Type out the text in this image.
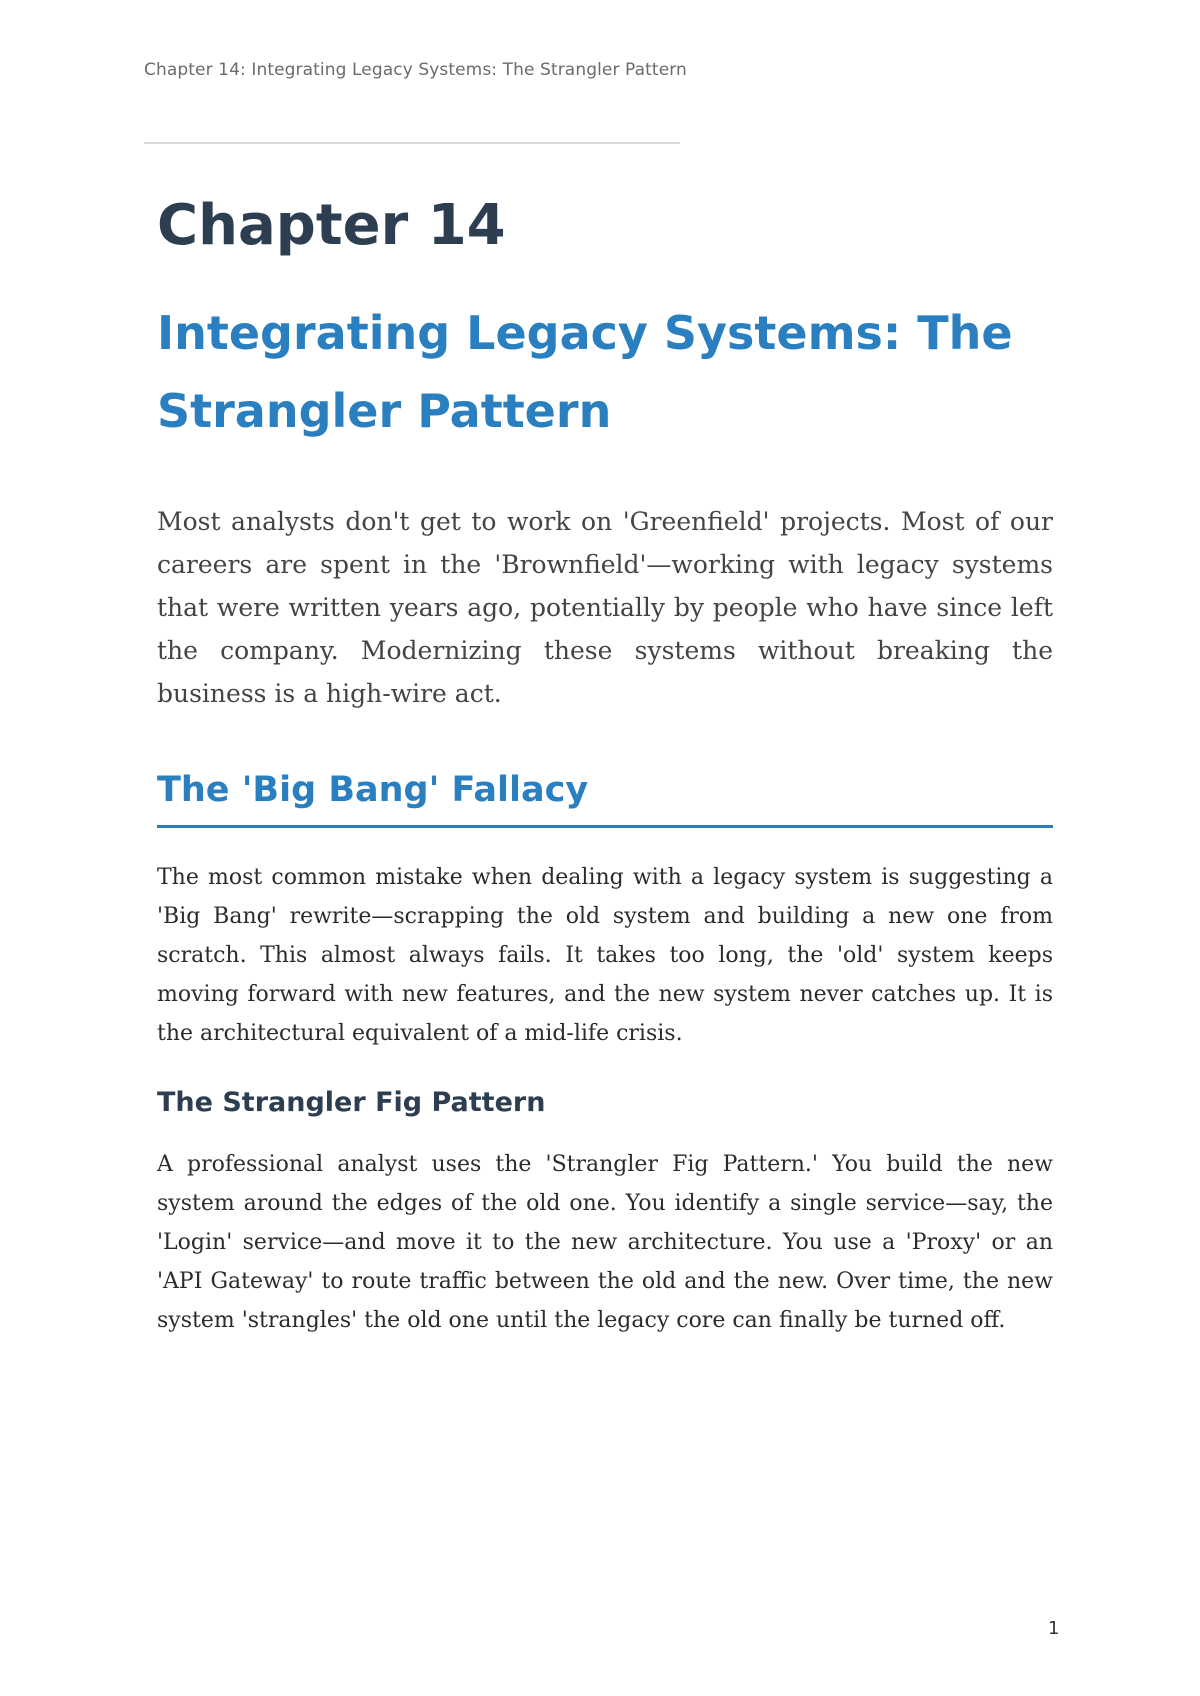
Chapter 14: Integrating Legacy Systems: The Strangler Pattern
Chapter 14
Integrating Legacy Systems: The Strangler Pattern

Most analysts don't get to work on 'Greenfield' projects. Most of our careers are spent in the 'Brownfield'—working with legacy systems that were written years ago, potentially by people who have since left the company. Modernizing these systems without breaking the business is a high-wire act.

The 'Big Bang' Fallacy

The most common mistake when dealing with a legacy system is suggesting a 'Big Bang' rewrite—scrapping the old system and building a new one from scratch. This almost always fails. It takes too long, the 'old' system keeps moving forward with new features, and the new system never catches up. It is the architectural equivalent of a mid-life crisis.

The Strangler Fig Pattern

A professional analyst uses the 'Strangler Fig Pattern.' You build the new system around the edges of the old one. You identify a single service—say, the 'Login' service—and move it to the new architecture. You use a 'Proxy' or an 'API Gateway' to route traffic between the old and the new. Over time, the new system 'strangles' the old one until the legacy core can finally be turned off.

1
